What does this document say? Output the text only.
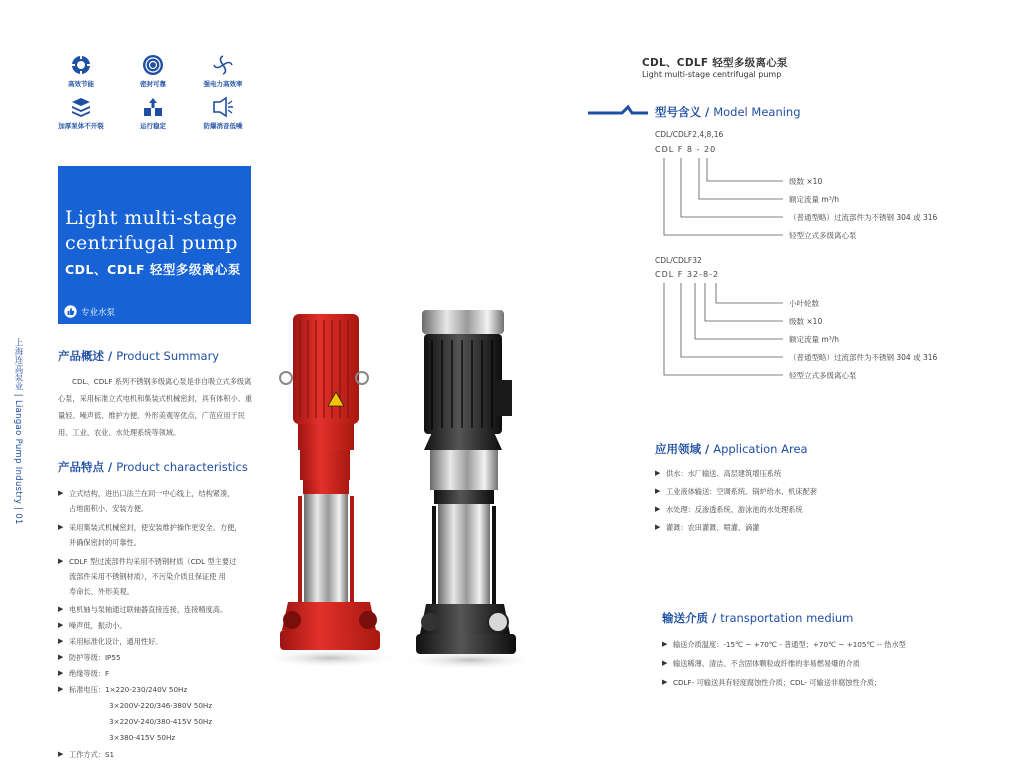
高效节能	密封可靠	强电力高效率
加厚泵体不开裂	运行稳定	防爆消音低噪
Light multi-stage
centrifugal pump
CDL、CDLF 轻型多级离心泵
专业水泵
上海连高泵业 | Liangao Pump Industry | 01	产品概述 / Product Summary
CDL、CDLF 系列不锈钢多级离心泵是非自吸立式多级离心泵，采用标准立式电机和集装式机械密封，具有体积小、重量轻、噪声低、维护方便、外形美观等优点，广范应用于民用、工业、农业、水处理系统等领域。
产品特点 / Product characteristics
▶ 立式结构，进出口法兰在同一中心线上，结构紧凑，
占地面积小、安装方便。
▶ 采用集装式机械密封，使安装维护操作更安全、方便，
并确保密封的可靠性。
▶ CDLF 型过流部件均采用不锈钢材质（CDL 型主要过
流部件采用不锈钢材质），不污染介质且保证使 用
寿命长、外形美观。
▶ 电机轴与泵轴通过联轴器直接连接，连接精度高。
▶ 噪声低，振动小。
▶ 采用标准化设计，通用性好。
▶ 防护等级：IP55
▶ 绝缘等级：F
▶ 标准电压：1×220-230/240V 50Hz
3×200V-220/346-380V 50Hz
3×220V-240/380-415V 50Hz
3×380-415V 50Hz
▶ 工作方式：S1
CDL、CDLF 轻型多级离心泵
Light multi-stage centrifugal pump
型号含义 / Model Meaning
CDL/CDLF2,4,8,16
CDL F 8 - 20
级数 ×10
额定流量 m³/h
（普通型略）过流部件为不锈钢 304 或 316
轻型立式多级离心泵
CDL/CDLF32
CDL F 32-8-2
小叶轮数
级数 ×10
额定流量 m³/h
（普通型略）过流部件为不锈钢 304 或 316
轻型立式多级离心泵
应用领域 / Application Area
▶ 供水：水厂输送、高层建筑增压系统
▶ 工业液体输送：空调系统、锅炉给水、机床配套
▶ 水处理：反渗透系统、游泳池的水处理系统
▶ 灌溉：农田灌溉、喷灌、滴灌
输送介质 / transportation medium
▶ 输送介质温度：-15℃ ~ +70℃ - 普通型；+70℃ ~ +105℃ -- 热水型
▶ 输送稀薄、清洁、不含固体颗粒或纤维的非易燃易爆的介质
▶ CDLF- 可输送具有轻度腐蚀性介质；CDL- 可输送非腐蚀性介质；
